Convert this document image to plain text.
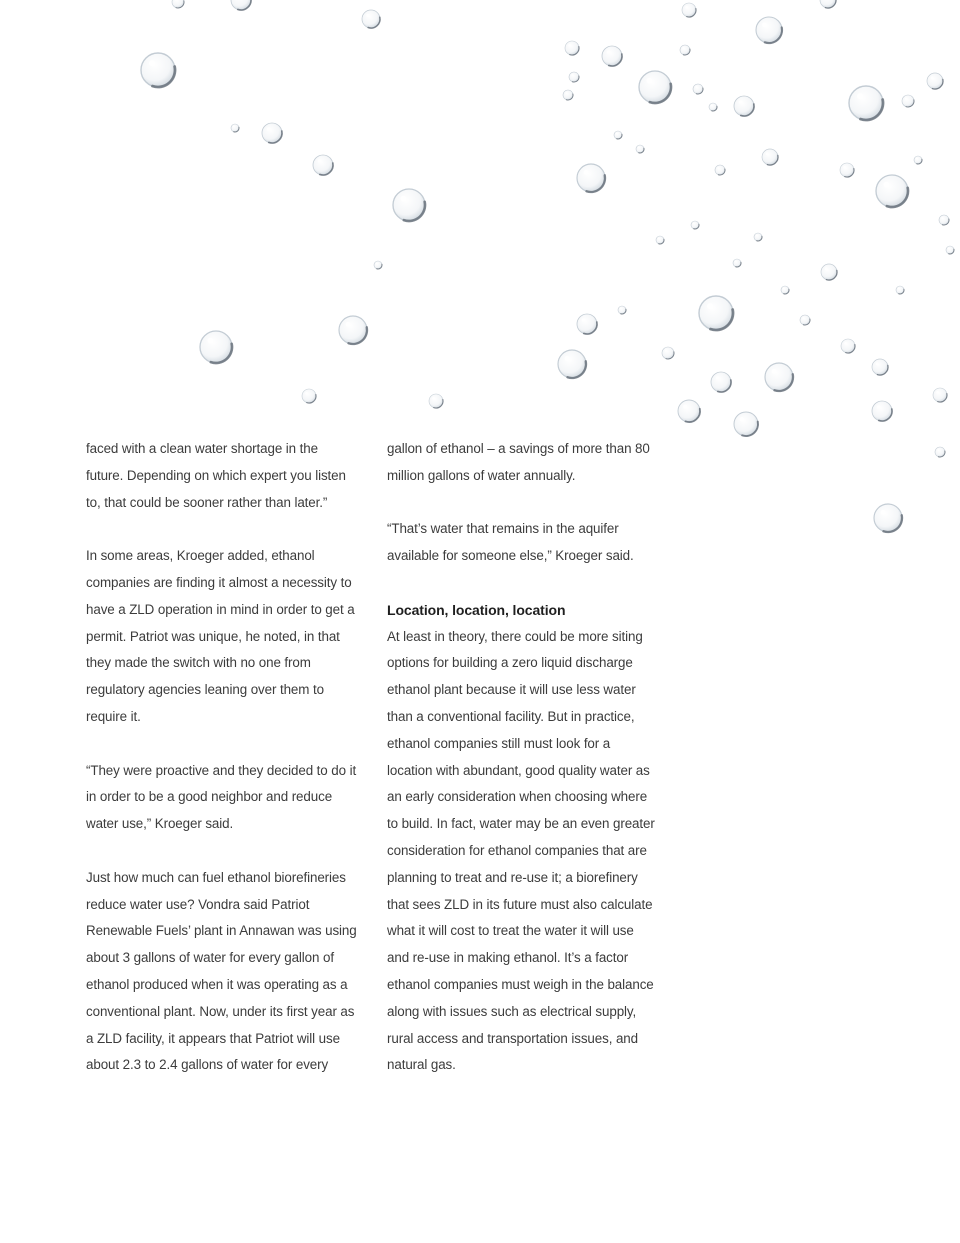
faced with a clean water shortage in the future. Depending on which expert you listen to, that could be sooner rather than later.”

In some areas, Kroeger added, ethanol companies are finding it almost a necessity to have a ZLD operation in mind in order to get a permit. Patriot was unique, he noted, in that they made the switch with no one from regulatory agencies leaning over them to require it.

“They were proactive and they decided to do it in order to be a good neighbor and reduce water use,” Kroeger said.

Just how much can fuel ethanol biorefineries reduce water use? Vondra said Patriot Renewable Fuels’ plant in Annawan was using about 3 gallons of water for every gallon of ethanol produced when it was operating as a conventional plant. Now, under its first year as a ZLD facility, it appears that Patriot will use about 2.3 to 2.4 gallons of water for every

gallon of ethanol – a savings of more than 80 million gallons of water annually.

“That’s water that remains in the aquifer available for someone else,” Kroeger said.

Location, location, location

At least in theory, there could be more siting options for building a zero liquid discharge ethanol plant because it will use less water than a conventional facility. But in practice, ethanol companies still must look for a location with abundant, good quality water as an early consideration when choosing where to build. In fact, water may be an even greater consideration for ethanol companies that are planning to treat and re-use it; a biorefinery that sees ZLD in its future must also calculate what it will cost to treat the water it will use and re-use in making ethanol. It’s a factor ethanol companies must weigh in the balance along with issues such as electrical supply, rural access and transportation issues, and natural gas.
